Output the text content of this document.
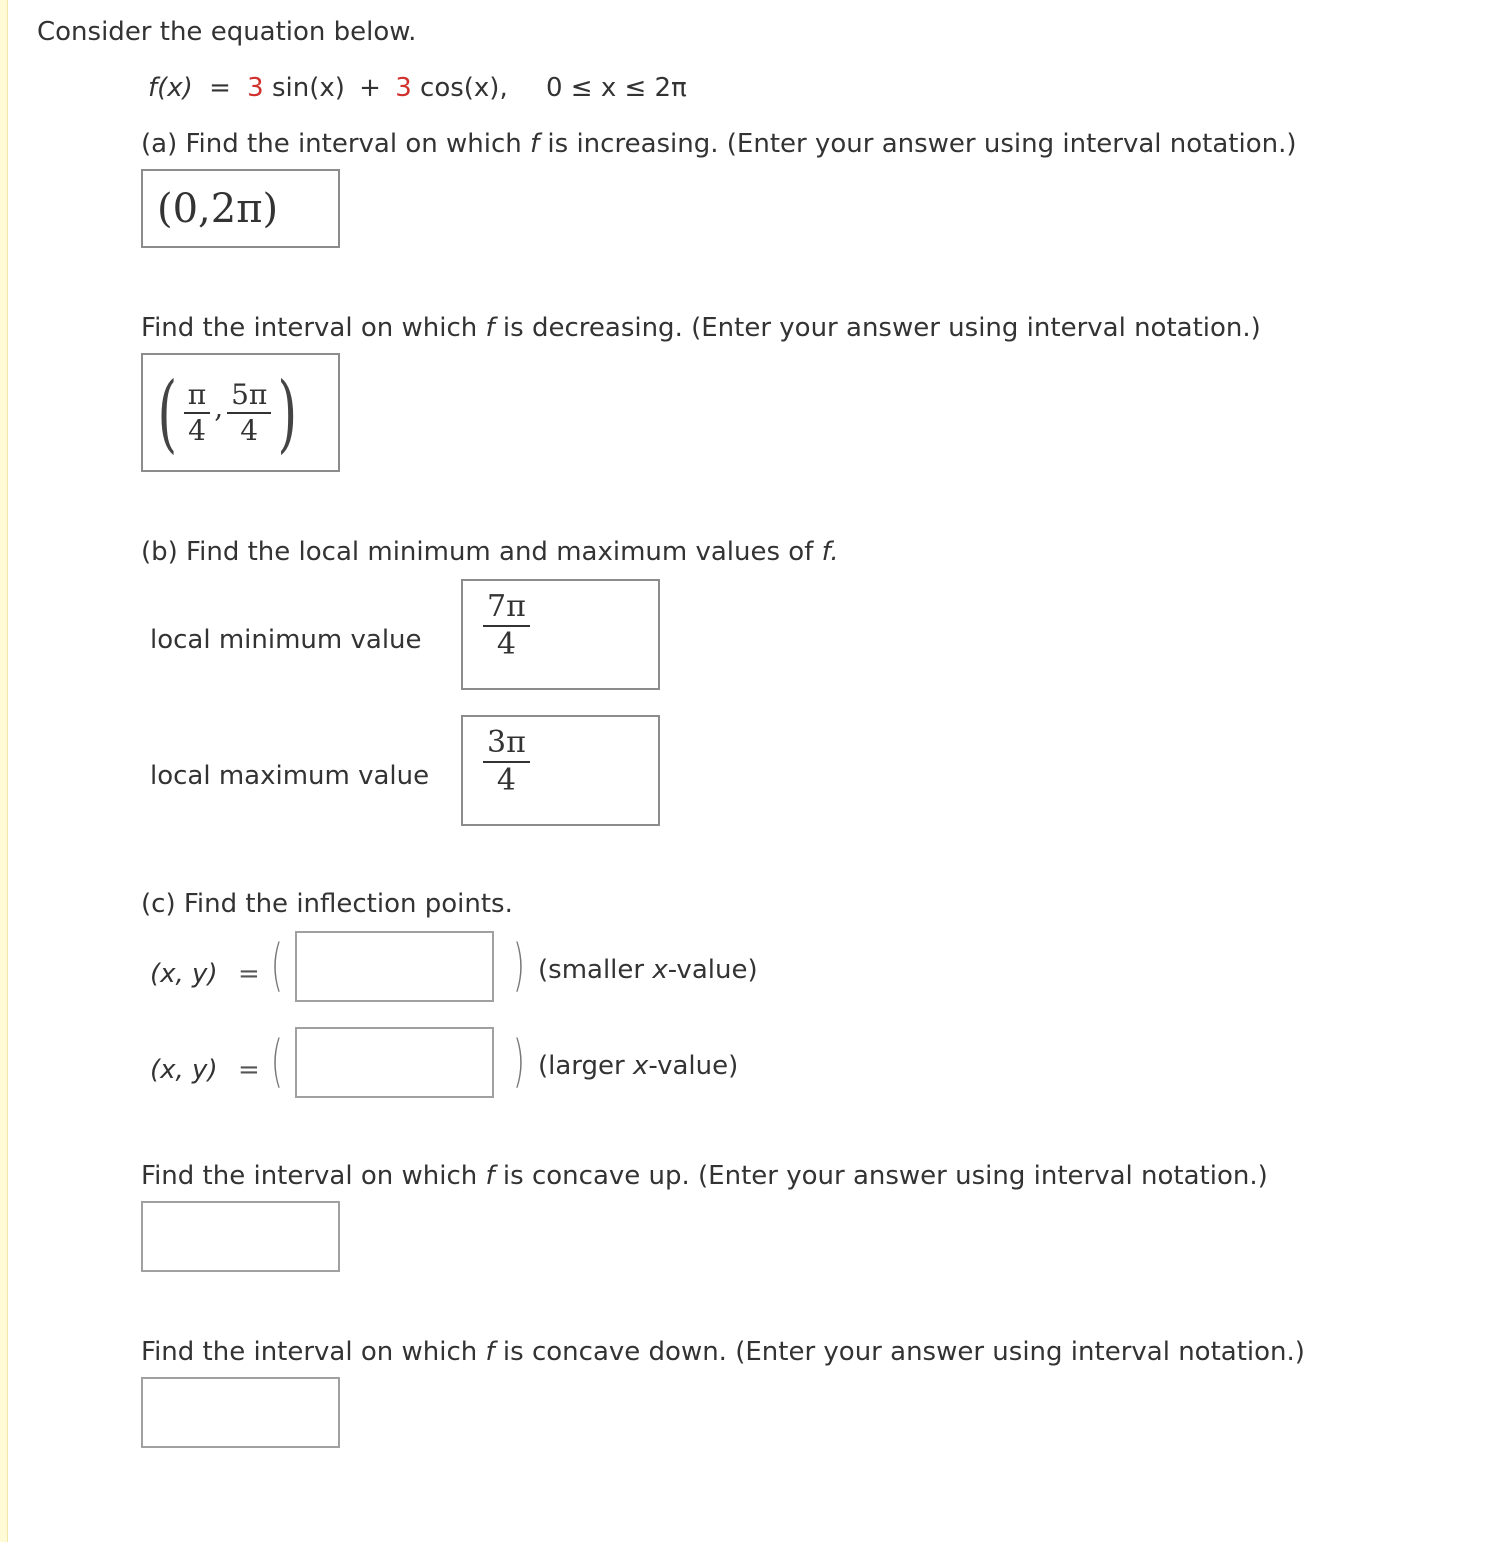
Consider the equation below.
f(x) = 3 sin(x) + 3 cos(x), 0 ≤ x ≤ 2π
(a) Find the interval on which f is increasing. (Enter your answer using interval notation.)
(0,2π)
Find the interval on which f is decreasing. (Enter your answer using interval notation.)
( $\frac{\pi}{4}$ , $\frac{5\pi}{4}$ )
(b) Find the local minimum and maximum values of f.
local minimum value $\frac{7\pi}{4}$
local maximum value $\frac{3\pi}{4}$
(c) Find the inflection points.
(x, y) = (	) (smaller x-value)
(x, y) = (	) (larger x-value)
Find the interval on which f is concave up. (Enter your answer using interval notation.)
Find the interval on which f is concave down. (Enter your answer using interval notation.)
